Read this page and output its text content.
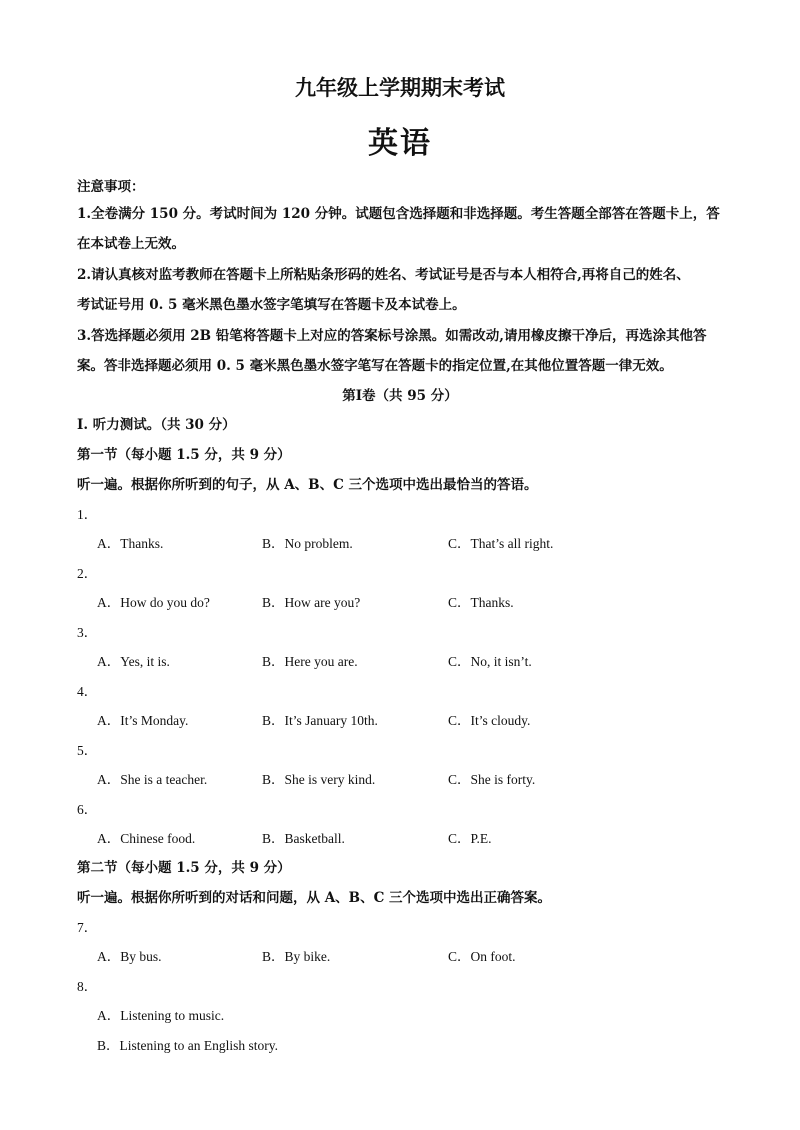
九年级上学期期末考试
英语
注意事项：
1.全卷满分 150 分。考试时间为 120 分钟。试题包含选择题和非选择题。考生答题全部答在答题卡上，答
在本试卷上无效。
2.请认真核对监考教师在答题卡上所粘贴条形码的姓名、考试证号是否与本人相符合,再将自己的姓名、
考试证号用 0. 5 毫米黑色墨水签字笔填写在答题卡及本试卷上。
3.答选择题必须用 2B 铅笔将答题卡上对应的答案标号涂黑。如需改动,请用橡皮擦干净后，再选涂其他答
案。答非选择题必须用 0. 5 毫米黑色墨水签字笔写在答题卡的指定位置,在其他位置答题一律无效。
第Ⅰ卷（共 95 分）
I. 听力测试。（共 30 分）
第一节（每小题 1.5 分，共 9 分）
听一遍。根据你所听到的句子，从 A、B、C 三个选项中选出最恰当的答语。
1．
A．Thanks.	B．No problem.	C．That’s all right.
2．
A．How do you do?	B．How are you?	C．Thanks.
3．
A．Yes, it is.	B．Here you are.	C．No, it isn’t.
4．
A．It’s Monday.	B．It’s January 10th.	C．It’s cloudy.
5．
A．She is a teacher.	B．She is very kind.	C．She is forty.
6．
A．Chinese food.	B．Basketball.	C．P.E.
第二节（每小题 1.5 分，共 9 分）
听一遍。根据你所听到的对话和问题，从 A、B、C 三个选项中选出正确答案。
7．
A．By bus.	B．By bike.	C．On foot.
8．
A．Listening to music.
B．Listening to an English story.
